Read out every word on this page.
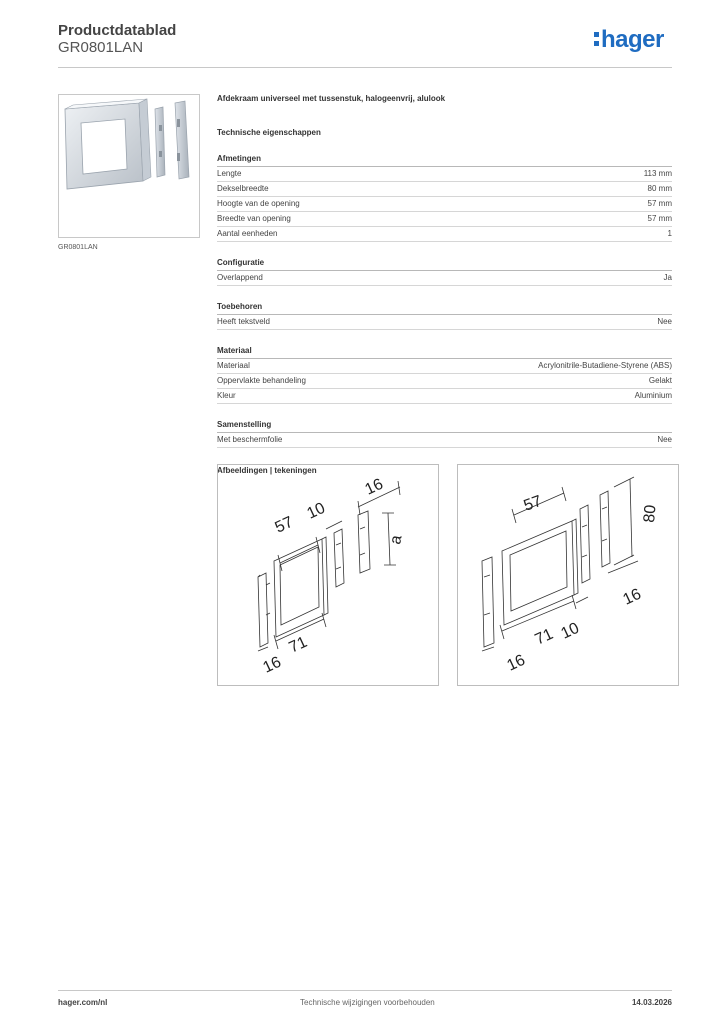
Productdatablad
GR0801LAN	hager
GR0801LAN
Afdekraam universeel met tussenstuk, halogeenvrij, alulook
Technische eigenschappen
Afmetingen
Lengte	113 mm
Dekselbreedte	80 mm
Hoogte van de opening	57 mm
Breedte van opening	57 mm
Aantal eenheden	1
Configuratie
Overlappend	Ja
Toebehoren
Heeft tekstveld	Nee
Materiaal
Materiaal	Acrylonitrile-Butadiene-Styrene (ABS)
Oppervlakte behandeling	Gelakt
Kleur	Aluminium
Samenstelling
Met beschermfolie	Nee
Afbeeldingen | tekeningen
57
10
16
a
71
16
57	80
16
71 10
16
hager.com/nl	Technische wijzigingen voorbehouden	14.03.2026
